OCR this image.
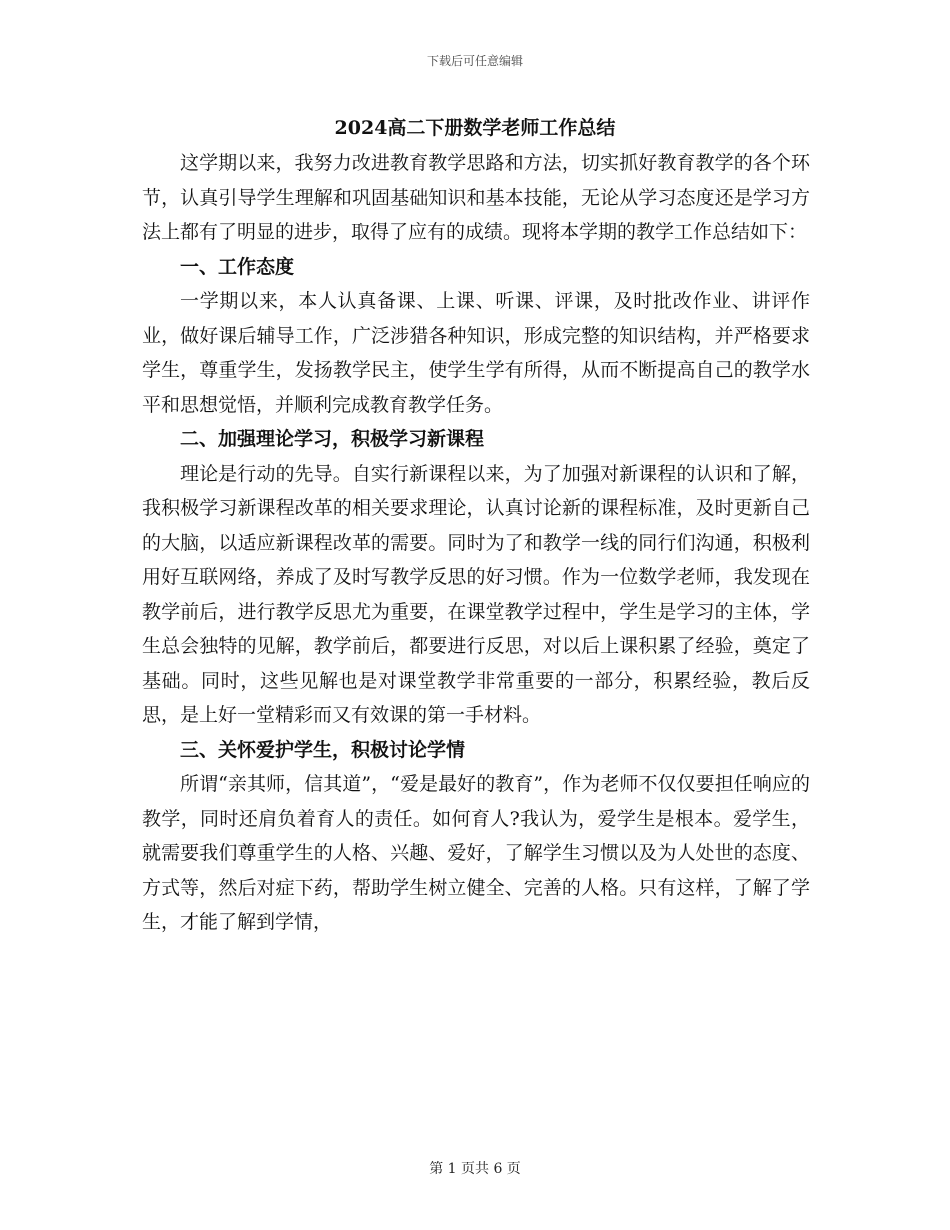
下载后可任意编辑
2024高二下册数学老师工作总结

这学期以来，我努力改进教育教学思路和方法，切实抓好教育教学的各个环节，认真引导学生理解和巩固基础知识和基本技能，无论从学习态度还是学习方法上都有了明显的进步，取得了应有的成绩。现将本学期的教学工作总结如下：

一、工作态度

一学期以来，本人认真备课、上课、听课、评课，及时批改作业、讲评作业，做好课后辅导工作，广泛涉猎各种知识，形成完整的知识结构，并严格要求学生，尊重学生，发扬教学民主，使学生学有所得，从而不断提高自己的教学水平和思想觉悟，并顺利完成教育教学任务。

二、加强理论学习，积极学习新课程

理论是行动的先导。自实行新课程以来，为了加强对新课程的认识和了解，我积极学习新课程改革的相关要求理论，认真讨论新的课程标准，及时更新自己的大脑，以适应新课程改革的需要。同时为了和教学一线的同行们沟通，积极利用好互联网络，养成了及时写教学反思的好习惯。作为一位数学老师，我发现在教学前后，进行教学反思尤为重要，在课堂教学过程中，学生是学习的主体，学生总会独特的见解，教学前后，都要进行反思，对以后上课积累了经验，奠定了基础。同时，这些见解也是对课堂教学非常重要的一部分，积累经验，教后反思，是上好一堂精彩而又有效课的第一手材料。

三、关怀爱护学生，积极讨论学情

所谓“亲其师，信其道”，“爱是最好的教育”，作为老师不仅仅要担任响应的教学，同时还肩负着育人的责任。如何育人?我认为，爱学生是根本。爱学生，就需要我们尊重学生的人格、兴趣、爱好，了解学生习惯以及为人处世的态度、方式等，然后对症下药，帮助学生树立健全、完善的人格。只有这样，了解了学生，才能了解到学情，

第 1 页共 6 页
